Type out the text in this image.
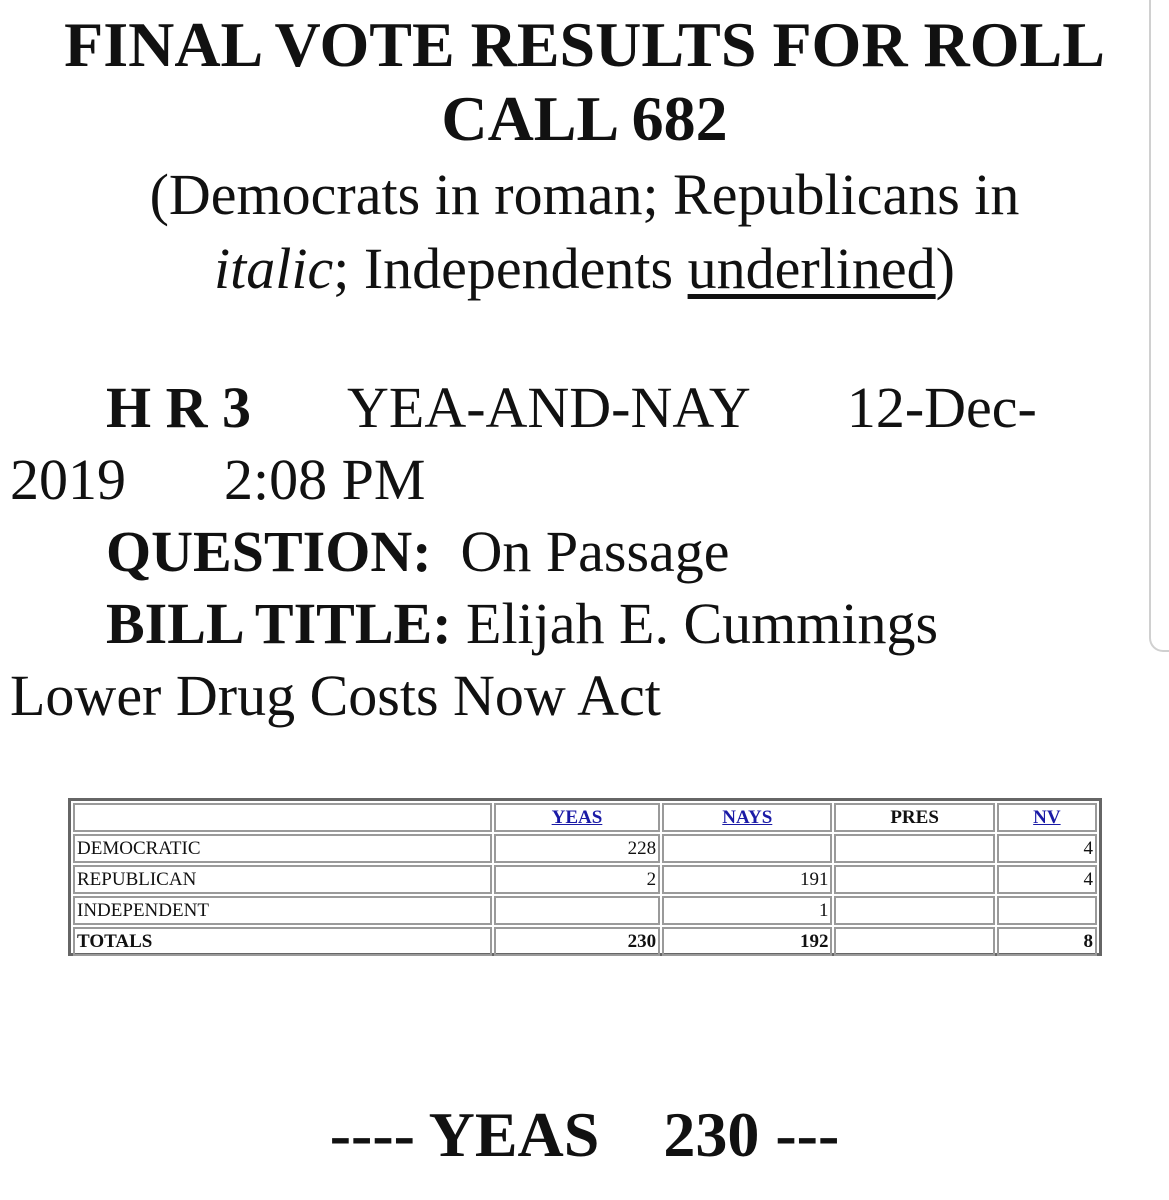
FINAL VOTE RESULTS FOR ROLL
CALL 682

(Democrats in roman; Republicans in
italic; Independents underlined)

H R 3 YEA-AND-NAY 12-Dec-
2019 2:08 PM
QUESTION: On Passage
BILL TITLE: Elijah E. Cummings
Lower Drug Costs Now Act
	YEAS	NAYS	PRES	NV
DEMOCRATIC	228			4
REPUBLICAN	2	191		4
INDEPENDENT		1		
TOTALS	230	192		8
---- YEAS    230 ---
